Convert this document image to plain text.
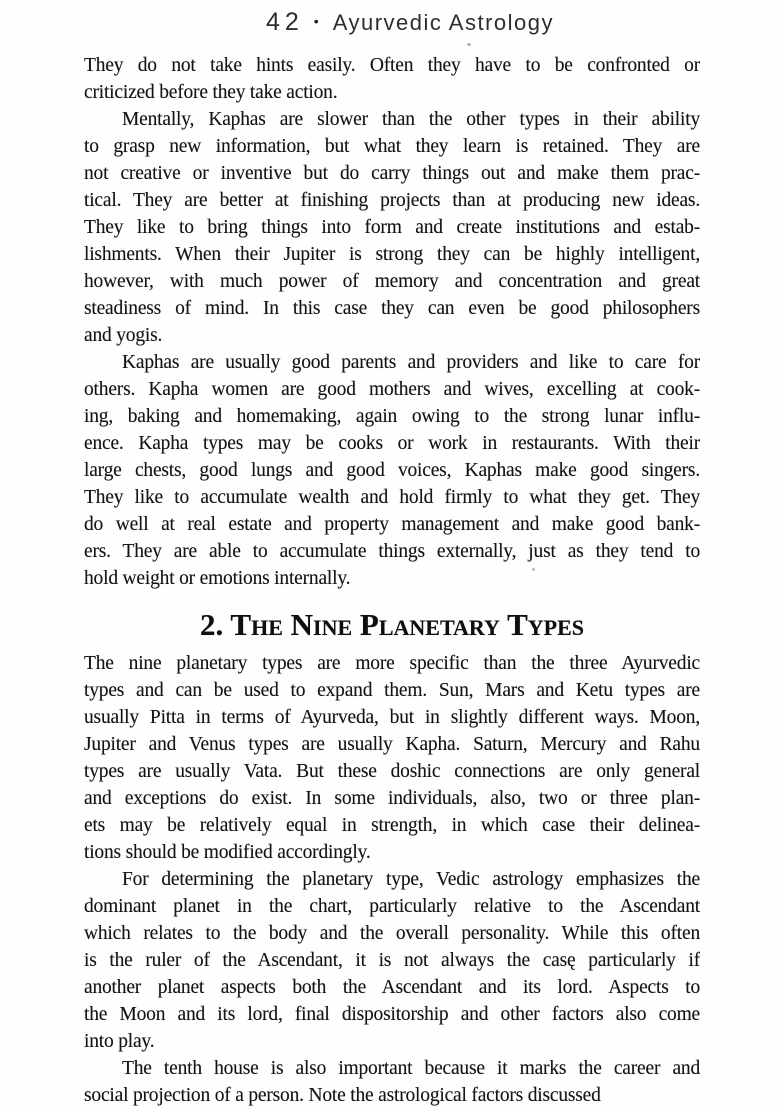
42 • Ayurvedic Astrology
They do not take hints easily. Often they have to be confronted or
criticized before they take action.
Mentally, Kaphas are slower than the other types in their ability
to grasp new information, but what they learn is retained. They are
not creative or inventive but do carry things out and make them prac-
tical. They are better at finishing projects than at producing new ideas.
They like to bring things into form and create institutions and estab-
lishments. When their Jupiter is strong they can be highly intelligent,
however, with much power of memory and concentration and great
steadiness of mind. In this case they can even be good philosophers
and yogis.
Kaphas are usually good parents and providers and like to care for
others. Kapha women are good mothers and wives, excelling at cook-
ing, baking and homemaking, again owing to the strong lunar influ-
ence. Kapha types may be cooks or work in restaurants. With their
large chests, good lungs and good voices, Kaphas make good singers.
They like to accumulate wealth and hold firmly to what they get. They
do well at real estate and property management and make good bank-
ers. They are able to accumulate things externally, just as they tend to
hold weight or emotions internally.
2. The Nine Planetary Types
The nine planetary types are more specific than the three Ayurvedic
types and can be used to expand them. Sun, Mars and Ketu types are
usually Pitta in terms of Ayurveda, but in slightly different ways. Moon,
Jupiter and Venus types are usually Kapha. Saturn, Mercury and Rahu
types are usually Vata. But these doshic connections are only general
and exceptions do exist. In some individuals, also, two or three plan-
ets may be relatively equal in strength, in which case their delinea-
tions should be modified accordingly.
For determining the planetary type, Vedic astrology emphasizes the
dominant planet in the chart, particularly relative to the Ascendant
which relates to the body and the overall personality. While this often
is the ruler of the Ascendant, it is not always the casę particularly if
another planet aspects both the Ascendant and its lord. Aspects to
the Moon and its lord, final dispositorship and other factors also come
into play.
The tenth house is also important because it marks the career and
social projection of a person. Note the astrological factors discussed
